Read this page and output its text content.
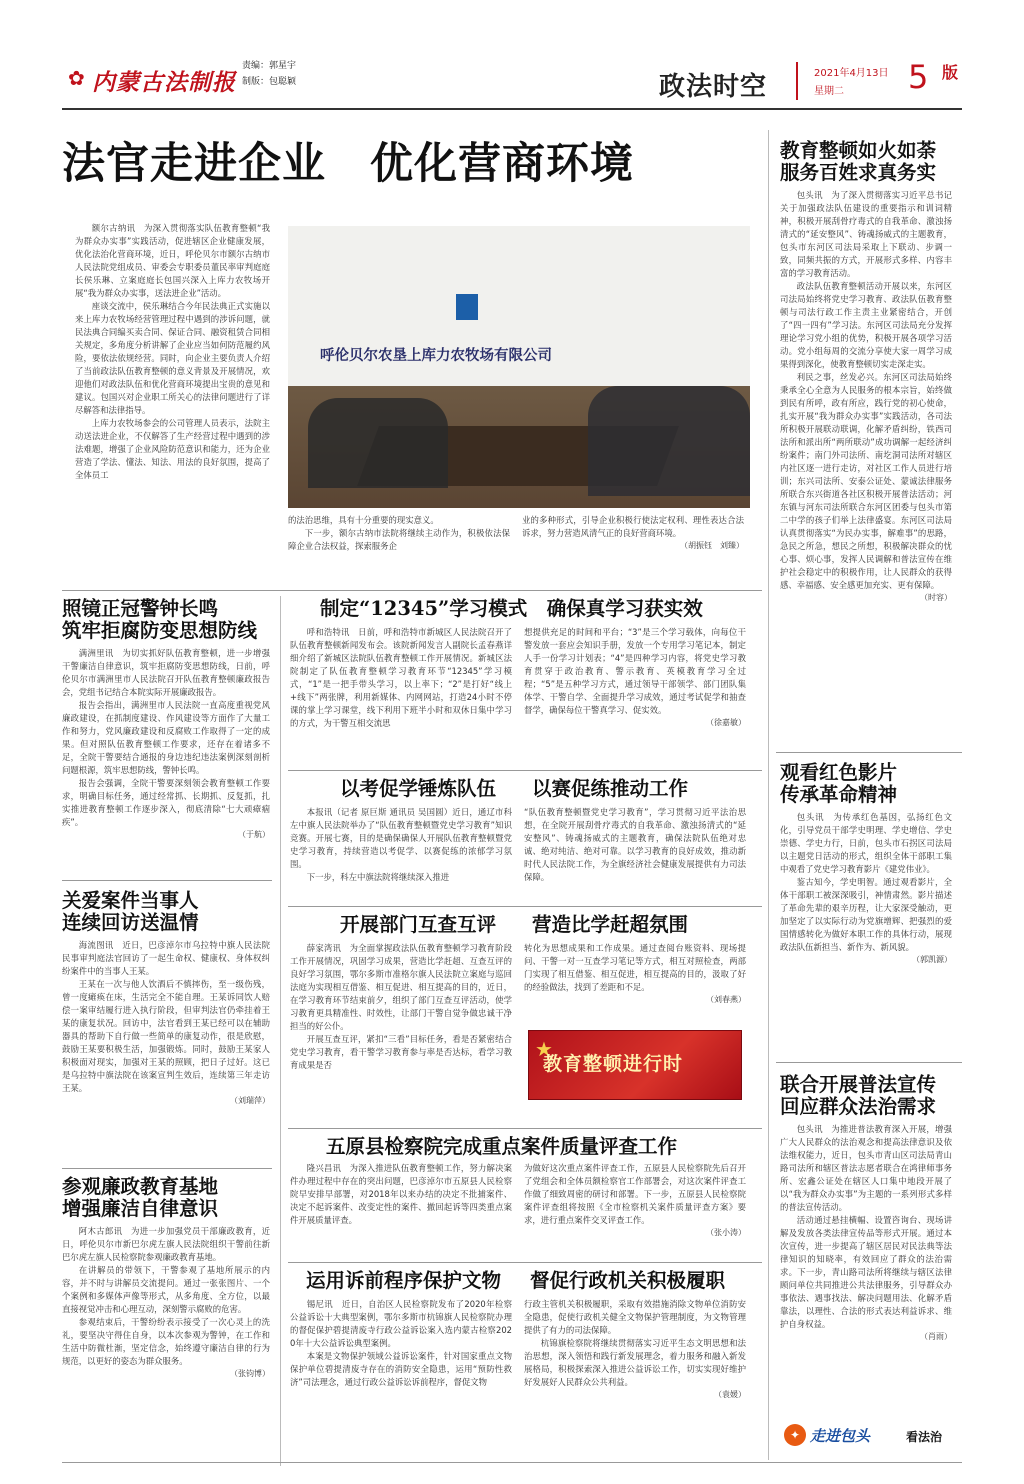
✿ 内蒙古法制报
责编：郭星宇
制版：包聪颖	政法时空	2021年4月13日
星期二 5 版
法官走进企业　优化营商环境

额尔古纳讯　为深入贯彻落实队伍教育整顿“我为群众办实事”实践活动，促进辖区企业健康发展，优化法治化营商环境，近日，呼伦贝尔市额尔古纳市人民法院党组成员、审委会专职委员董民率审判庭庭长侯乐琳、立案庭庭长包国兴深入上库力农牧场开展“我为群众办实事，送法进企业”活动。

座谈交流中，侯乐琳结合今年民法典正式实施以来上库力农牧场经营管理过程中遇到的涉诉问题，就民法典合同编买卖合同、保证合同、融资租赁合同相关规定，多角度分析讲解了企业应当如何防范履约风险，要依法依规经营。同时，向企业主要负责人介绍了当前政法队伍教育整顿的意义背景及开展情况，欢迎他们对政法队伍和优化营商环境提出宝贵的意见和建议。包国兴对企业职工所关心的法律问题进行了详尽解答和法律指导。

上库力农牧场参会的公司管理人员表示，法院主动送法进企业，不仅解答了生产经营过程中遇到的涉法难题，增强了企业风险防范意识和能力，还为企业营造了学法、懂法、知法、用法的良好氛围，提高了全体员工

呼伦贝尔农垦上库力农牧场有限公司

的法治思维，具有十分重要的现实意义。

下一步，额尔古纳市法院将继续主动作为，积极依法保障企业合法权益，探索服务企

业的多种形式，引导企业积极行使法定权利、理性表达合法诉求，努力营造风清气正的良好营商环境。

（胡振钰　刘臻）
教育整顿如火如荼
服务百姓求真务实

包头讯　为了深入贯彻落实习近平总书记关于加强政法队伍建设的重要指示和训词精神，积极开展刮骨疗毒式的自我革命、激浊扬清式的“延安整风”、铸魂扬威式的主题教育，包头市东河区司法局采取上下联动、步调一致，同频共振的方式，开展形式多样、内容丰富的学习教育活动。

政法队伍教育整顿活动开展以来，东河区司法局始终将党史学习教育、政法队伍教育整顿与司法行政工作主责主业紧密结合，开创了“四一四有”学习法。东河区司法局充分发挥理论学习党小组的优势，积极开展各项学习活动。党小组每周的交流分享使大家一周学习成果得到深化，使教育整顿切实走深走实。

利民之事，丝发必兴。东河区司法局始终秉承全心全意为人民服务的根本宗旨，始终做到民有所呼，政有所应，践行党的初心使命，扎实开展“我为群众办实事”实践活动，各司法所积极开展联动联调，化解矛盾纠纷，铁西司法所和派出所“两所联动”成功调解一起经济纠纷案件；南门外司法所、南圪洞司法所对辖区内社区逐一进行走访，对社区工作人员进行培训；东兴司法所、安泰公证处、蒙诚法律服务所联合东兴街道各社区积极开展普法活动；河东镇与河东司法所联合东河区团委与包头市第二中学的孩子们举上法律盛宴。东河区司法局认真贯彻落实“为民办实事，解难事”的思路，急民之所急，想民之所想，积极解决群众的忧心事、烦心事，发挥人民调解和普法宣传在维护社会稳定中的积极作用，让人民群众的获得感、幸福感、安全感更加充实、更有保障。

（时容）
观看红色影片
传承革命精神

包头讯　为传承红色基因，弘扬红色文化，引导党员干部学史明理、学史增信、学史崇德、学史力行，日前，包头市石拐区司法局以主题党日活动的形式，组织全体干部职工集中观看了党史学习教育影片《建党伟业》。

鉴古知今，学史明智。通过观看影片，全体干部职工被深深吸引，神情肃然。影片描述了革命先辈的艰辛历程，让大家深受触动，更加坚定了以实际行动为党旗增辉、把强烈的爱国情感转化为做好本职工作的具体行动，展现政法队伍新担当、新作为、新风貌。

（郭凯源）
联合开展普法宣传
回应群众法治需求

包头讯　为推进普法教育深入开展，增强广大人民群众的法治观念和提高法律意识及依法维权能力，近日，包头市青山区司法局青山路司法所和辖区普法志愿者联合在鸿律师事务所、宏鑫公证处在辖区人口集中地段开展了以“我为群众办实事”为主题的一系列形式多样的普法宣传活动。

活动通过悬挂横幅、设置咨询台、现场讲解及发放各类法律宣传品等形式开展。通过本次宣传，进一步提高了辖区居民对民法典等法律知识的知晓率，有效回应了群众的法治需求。下一步，青山路司法所将继续与辖区法律顾问单位共同推进公共法律服务，引导群众办事依法、遇事找法、解决问题用法、化解矛盾靠法，以理性、合法的形式表达利益诉求、维护自身权益。

（肖雨）
✦ 走进包头	看法治
照镜正冠警钟长鸣
筑牢拒腐防变思想防线

满洲里讯　为切实抓好队伍教育整顿，进一步增强干警廉洁自律意识，筑牢拒腐防变思想防线，日前，呼伦贝尔市满洲里市人民法院召开队伍教育整顿廉政报告会，党组书记结合本院实际开展廉政报告。

报告会指出，满洲里市人民法院一直高度重视党风廉政建设，在抓制度建设、作风建设等方面作了大量工作和努力，党风廉政建设和反腐败工作取得了一定的成果。但对照队伍教育整顿工作要求，还存在着诸多不足，全院干警要结合通报的身边违纪违法案例深刻剖析问题根源，筑牢思想防线，警钟长鸣。

报告会强调，全院干警要深刻领会教育整顿工作要求，明确目标任务，通过经常抓、长期抓、反复抓，扎实推进教育整顿工作逐步深入，彻底清除“七大顽瘴痼疾”。

（于航）
关爱案件当事人
连续回访送温情

海流图讯　近日，巴彦淖尔市乌拉特中旗人民法院民事审判庭法官回访了一起生命权、健康权、身体权纠纷案件中的当事人王某。

王某在一次与他人饮酒后不慎摔伤，至一级伤残，曾一度瘫痪在床，生活完全不能自理。王某诉同饮人赔偿一案审结履行进入执行阶段，但审判法官仍牵挂着王某的康复状况。回访中，法官看到王某已经可以在辅助器具的帮助下自行做一些简单的康复动作，很是欣慰，鼓励王某要积极生活，加强锻炼。同时，鼓励王某家人积极面对现实，加强对王某的照顾，把日子过好。这已是乌拉特中旗法院在该案宣判生效后，连续第三年走访王某。

（刘瑞萍）
参观廉政教育基地
增强廉洁自律意识

阿木古郎讯　为进一步加强党员干部廉政教育，近日，呼伦贝尔市新巴尔虎左旗人民法院组织干警前往新巴尔虎左旗人民检察院参观廉政教育基地。

在讲解员的带领下，干警参观了基地所展示的内容，并不时与讲解员交流提问。通过一张张图片、一个个案例和多媒体声像等形式，从多角度、全方位，以最直接视觉冲击和心理互动，深刻警示腐败的危害。

参观结束后，干警纷纷表示接受了一次心灵上的洗礼，要坚决守得住自身，以本次参观为警钟，在工作和生活中防微杜渐，坚定信念，始终遵守廉洁自律的行为规范，以更好的姿态为群众服务。

（张钧博）
制定“12345”学习模式　确保真学习获实效

呼和浩特讯　日前，呼和浩特市新城区人民法院召开了队伍教育整顿新闻发布会。该院新闻发言人副院长孟春燕详细介绍了新城区法院队伍教育整顿工作开展情况。新城区法院制定了队伍教育整顿学习教育环节“12345”学习模式，“1”是一把手带头学习，以上率下；“2”是打好“线上+线下”两张牌，利用新媒体、内网网站，打造24小时不停课的掌上学习课堂，线下利用下班半小时和双休日集中学习的方式，为干警互相交流思

想提供充足的时间和平台；“3”是三个学习载体，向每位干警发放一套应会知识手册，发放一个专用学习笔记本，制定人手一份学习计划表；“4”是四种学习内容，将党史学习教育贯穿于政治教育、警示教育、英模教育学习全过程；“5”是五种学习方式，通过领导干部领学、部门团队集体学、干警自学、全面提升学习成效，通过考试促学和抽查督学，确保每位干警真学习、促实效。

（徐嘉敏）
以考促学锤炼队伍 以赛促练推动工作

本报讯（记者 原巨斯 通讯员 吴国圆）近日，通辽市科左中旗人民法院举办了“队伍教育整顿暨党史学习教育”知识竞赛。开展七赛，目的是确保确保人开展队伍教育整顿暨党史学习教育，持续营造以考促学、以赛促练的浓郁学习氛围。

下一步，科左中旗法院将继续深入推进

“队伍教育整顿暨党史学习教育”，学习贯彻习近平法治思想，在全院开展刮骨疗毒式的自我革命、激浊扬清式的“延安整风”、铸魂扬威式的主题教育，确保法院队伍绝对忠诚、绝对纯洁、绝对可靠。以学习教育的良好成效，推动新时代人民法院工作，为全旗经济社会健康发展提供有力司法保障。

开展部门互查互评 营造比学赶超氛围

薛家湾讯　为全面掌握政法队伍教育整顿学习教育阶段工作开展情况，巩固学习成果，营造比学赶超、互查互评的良好学习氛围，鄂尔多斯市准格尔旗人民法院立案庭与巡回法庭为实现相互借鉴、相互促进、相互提高的目的，近日，在学习教育环节结束前夕，组织了部门互查互评活动，使学习教育更具精准性、时效性，让部门干警自觉争做忠诚干净担当的好公仆。

开展互查互评，紧扣“三看”目标任务，看是否紧密结合党史学习教育，看干警学习教育参与率是否达标，看学习教育成果是否

转化为思想成果和工作成果。通过查阅台账资料、现场提问、干警一对一互查学习笔记等方式，相互对照检查，两部门实现了相互借鉴、相互促进，相互提高的目的，汲取了好的经验做法，找到了差距和不足。

（刘春燕）
★
教育整顿进行时
五原县检察院完成重点案件质量评查工作

隆兴昌讯　为深入推进队伍教育整顿工作，努力解决案件办理过程中存在的突出问题，巴彦淖尔市五原县人民检察院早安排早部署，对2018年以来办结的决定不批捕案件、决定不起诉案件、改变定性的案件、撤回起诉等四类重点案件开展质量评查。

为做好这次重点案件评查工作，五原县人民检察院先后召开了党组会和全体员额检察官工作部署会，对这次案件评查工作做了细致周密的研讨和部署。下一步，五原县人民检察院案件评查组将按照《全市检察机关案件质量评查方案》要求，进行重点案件交叉评查工作。

（张小涛）
运用诉前程序保护文物 督促行政机关积极履职

锡尼讯　近日，自治区人民检察院发布了2020年检察公益诉讼十大典型案例，鄂尔多斯市杭锦旗人民检察院办理的督促保护碧提清废寺行政公益诉讼案入选内蒙古检察2020年十大公益诉讼典型案例。

本案是文物保护领域公益诉讼案件，针对国家重点文物保护单位碧提清废寺存在的消防安全隐患，运用“预防性救济”司法理念，通过行政公益诉讼诉前程序，督促文物

行政主管机关积极履职，采取有效措施消除文物单位消防安全隐患，促使行政机关健全文物保护管理制度，为文物管理提供了有力的司法保障。

杭锦旗检察院将继续贯彻落实习近平生态文明思想和法治思想，深入领悟和践行新发展理念，着力服务和融入新发展格局，积极探索深入推进公益诉讼工作，切实实现好维护好发展好人民群众公共利益。

（袁媛）
